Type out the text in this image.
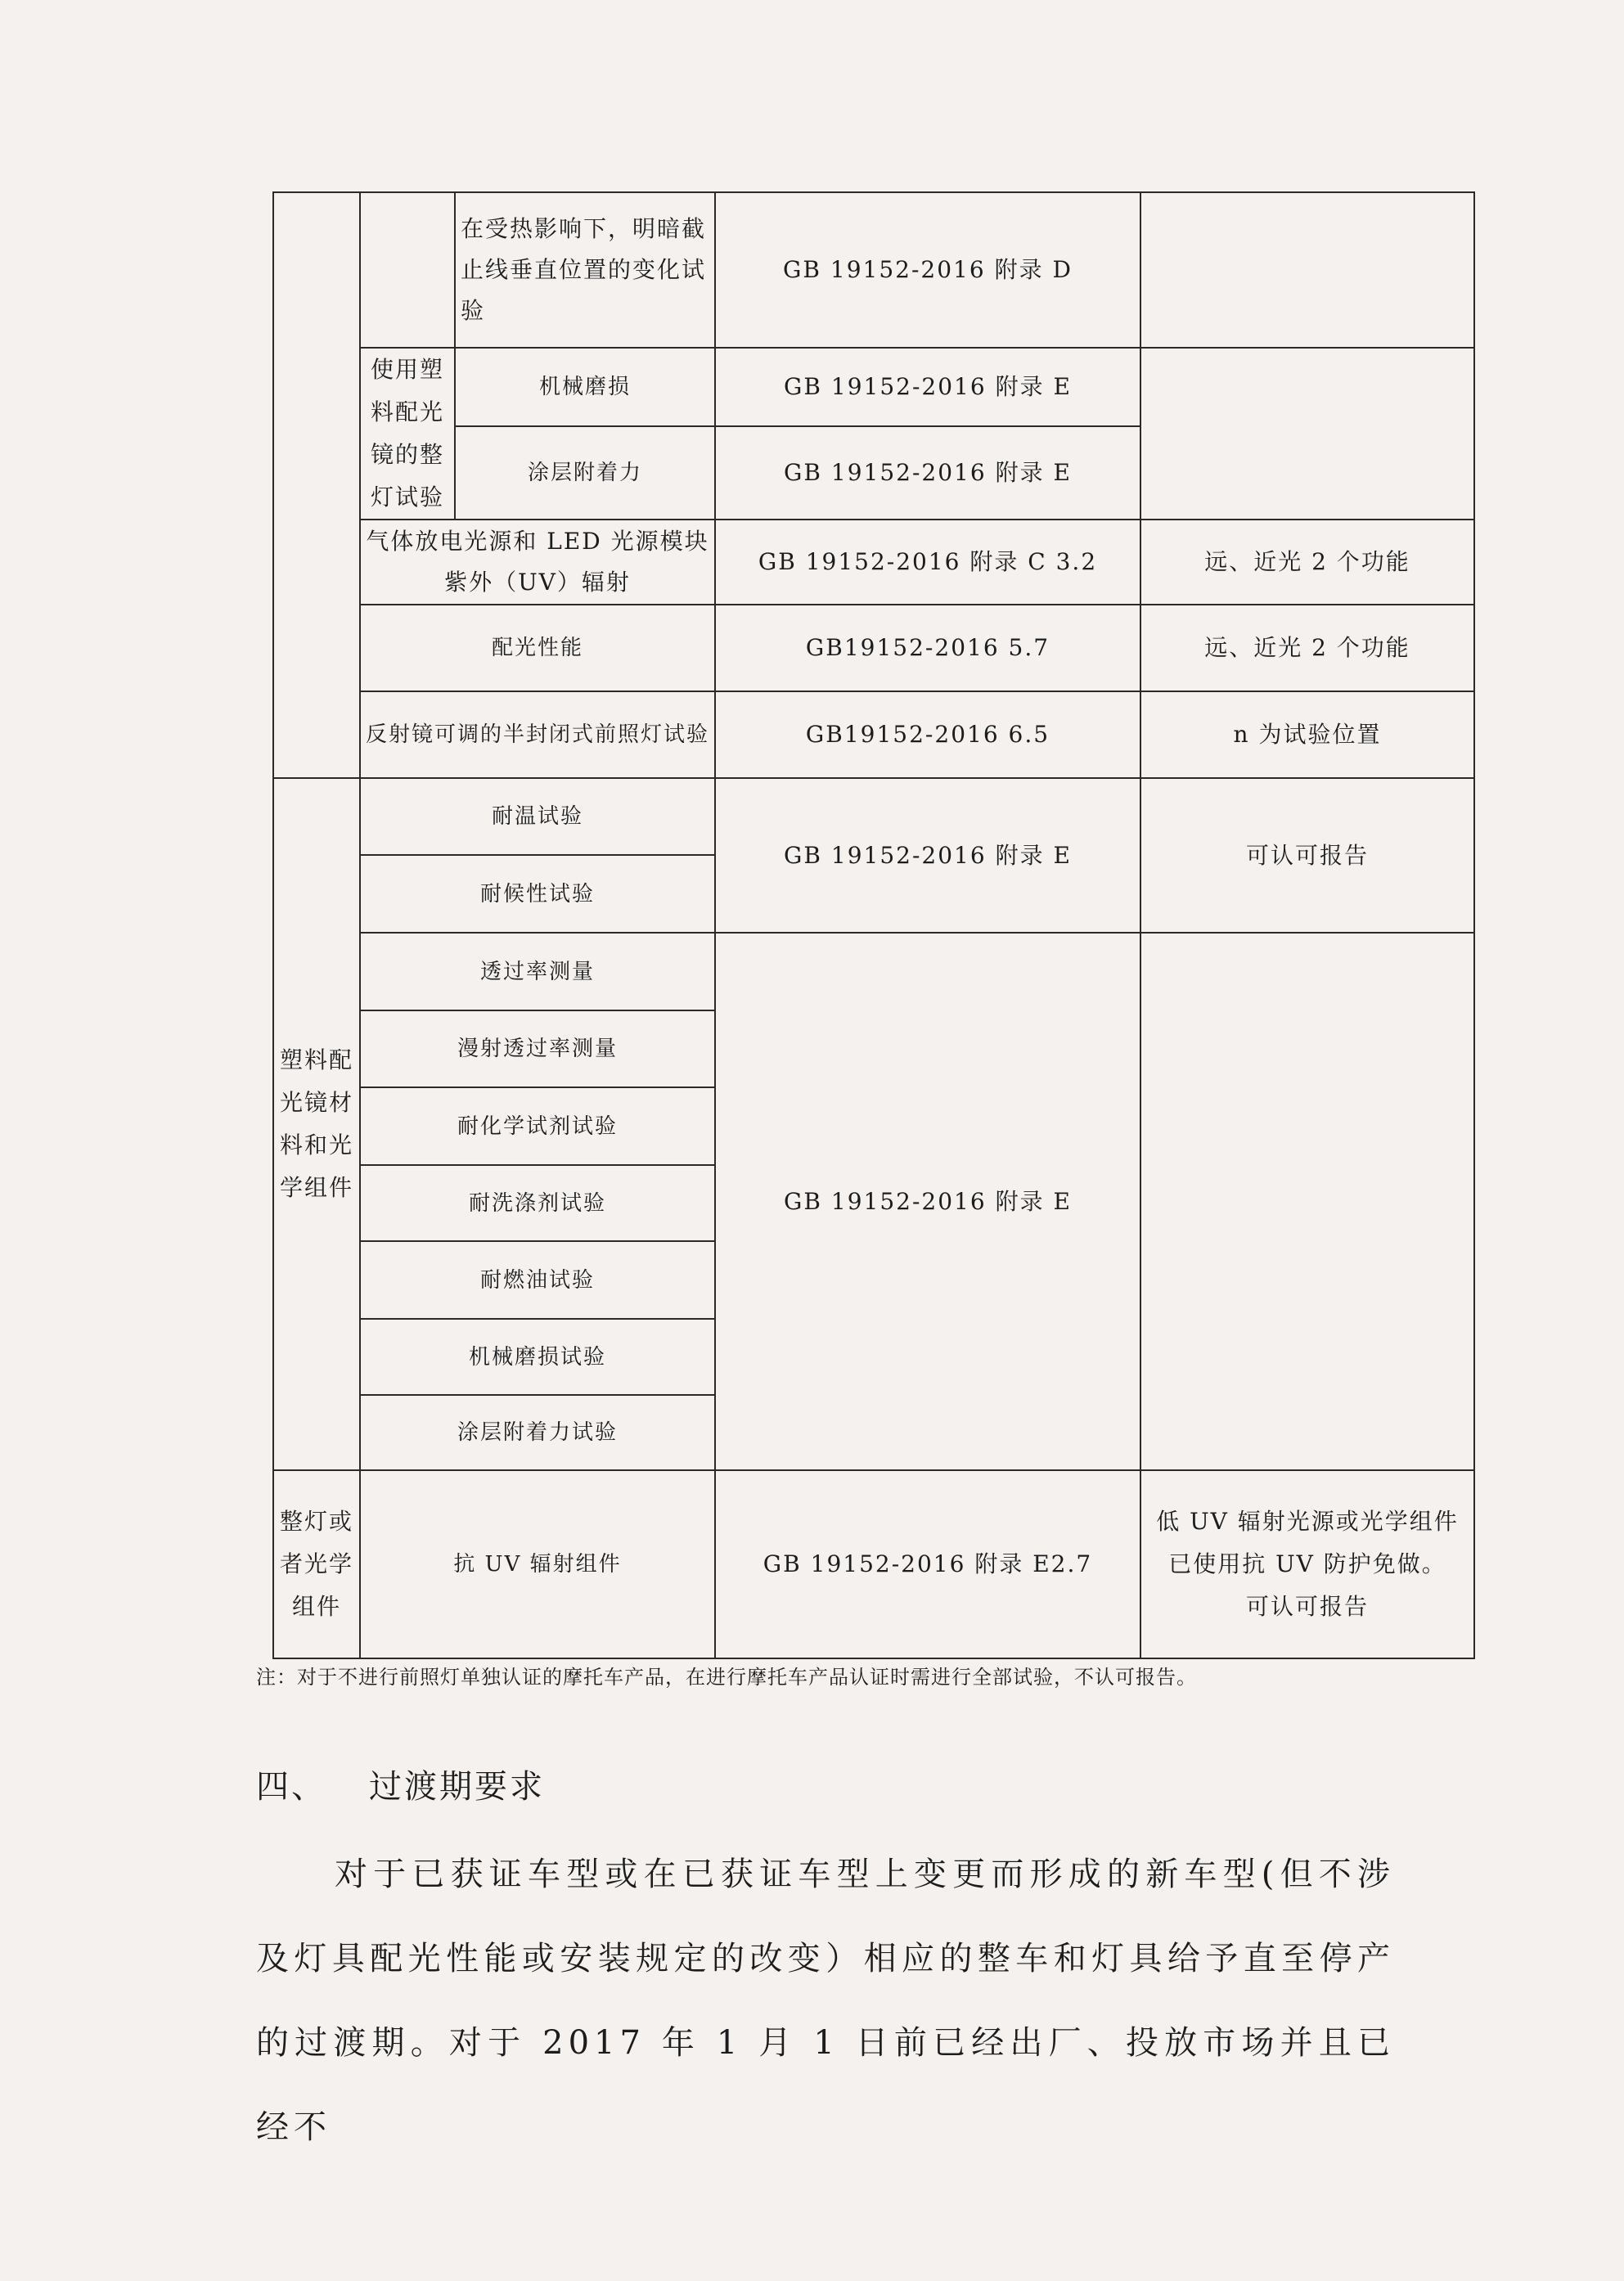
		在受热影响下，明暗截止线垂直位置的变化试验	GB 19152-2016 附录 D	
	使用塑料配光镜的整灯试验	机械磨损	GB 19152-2016 附录 E	
		涂层附着力	GB 19152-2016 附录 E	
	气体放电光源和 LED 光源模块紫外（UV）辐射		GB 19152-2016 附录 C 3.2	远、近光 2 个功能
	配光性能		GB19152-2016 5.7	远、近光 2 个功能
	反射镜可调的半封闭式前照灯试验		GB19152-2016 6.5	n 为试验位置
塑料配光镜材料和光学组件	耐温试验		GB 19152-2016 附录 E	可认可报告
	耐候性试验			
	透过率测量		GB 19152-2016 附录 E	
	漫射透过率测量			
	耐化学试剂试验			
	耐洗涤剂试验			
	耐燃油试验			
	机械磨损试验			
	涂层附着力试验			
整灯或者光学组件	抗 UV 辐射组件		GB 19152-2016 附录 E2.7	低 UV 辐射光源或光学组件已使用抗 UV 防护免做。
可认可报告
注：对于不进行前照灯单独认证的摩托车产品，在进行摩托车产品认证时需进行全部试验，不认可报告。
四、 过渡期要求
对于已获证车型或在已获证车型上变更而形成的新车型(但不涉及灯具配光性能或安装规定的改变）相应的整车和灯具给予直至停产的过渡期。对于 2017 年 1 月 1 日前已经出厂、投放市场并且已经不
